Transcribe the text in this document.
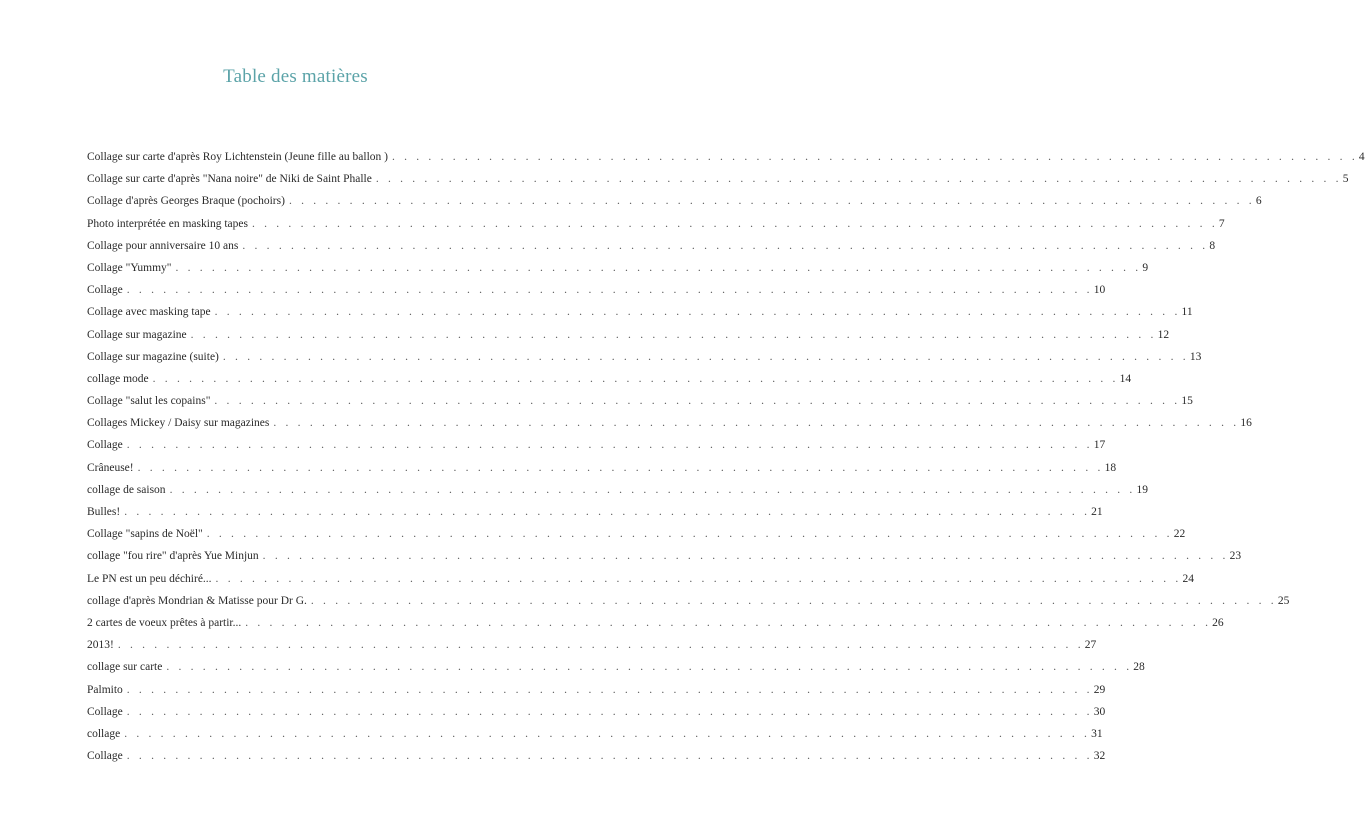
Table des matières
Collage sur carte d'après Roy Lichtenstein (Jeune fille au ballon ) . . . . . . . . . . . . . . . . . . . . . . . . . . . . . . . . . . . . . . . . . . . . . . . . . . . . . . . . . . . . . . . . . . . . . . . . . . . . . . . . 4
Collage sur carte d'après "Nana noire" de Niki de Saint Phalle . . . . . . . . . . . . . . . . . . . . . . . . . . . . . . . . . . . . . . . . . . . . . . . . . . . . . . . . . . . . . . . . . . . . . . . . . . . . . . . . 5
Collage d'après Georges Braque (pochoirs) . . . . . . . . . . . . . . . . . . . . . . . . . . . . . . . . . . . . . . . . . . . . . . . . . . . . . . . . . . . . . . . . . . . . . . . . . . . . . . . . 6
Photo interprétée en masking tapes . . . . . . . . . . . . . . . . . . . . . . . . . . . . . . . . . . . . . . . . . . . . . . . . . . . . . . . . . . . . . . . . . . . . . . . . . . . . . . . . 7
Collage pour anniversaire 10 ans . . . . . . . . . . . . . . . . . . . . . . . . . . . . . . . . . . . . . . . . . . . . . . . . . . . . . . . . . . . . . . . . . . . . . . . . . . . . . . . . 8
Collage "Yummy" . . . . . . . . . . . . . . . . . . . . . . . . . . . . . . . . . . . . . . . . . . . . . . . . . . . . . . . . . . . . . . . . . . . . . . . . . . . . . . . . 9
Collage . . . . . . . . . . . . . . . . . . . . . . . . . . . . . . . . . . . . . . . . . . . . . . . . . . . . . . . . . . . . . . . . . . . . . . . . . . . . . . . . 10
Collage avec masking tape . . . . . . . . . . . . . . . . . . . . . . . . . . . . . . . . . . . . . . . . . . . . . . . . . . . . . . . . . . . . . . . . . . . . . . . . . . . . . . . . 11
Collage sur magazine . . . . . . . . . . . . . . . . . . . . . . . . . . . . . . . . . . . . . . . . . . . . . . . . . . . . . . . . . . . . . . . . . . . . . . . . . . . . . . . . 12
Collage sur magazine (suite) . . . . . . . . . . . . . . . . . . . . . . . . . . . . . . . . . . . . . . . . . . . . . . . . . . . . . . . . . . . . . . . . . . . . . . . . . . . . . . . . 13
collage mode . . . . . . . . . . . . . . . . . . . . . . . . . . . . . . . . . . . . . . . . . . . . . . . . . . . . . . . . . . . . . . . . . . . . . . . . . . . . . . . . 14
Collage "salut les copains" . . . . . . . . . . . . . . . . . . . . . . . . . . . . . . . . . . . . . . . . . . . . . . . . . . . . . . . . . . . . . . . . . . . . . . . . . . . . . . . . 15
Collages Mickey / Daisy sur magazines . . . . . . . . . . . . . . . . . . . . . . . . . . . . . . . . . . . . . . . . . . . . . . . . . . . . . . . . . . . . . . . . . . . . . . . . . . . . . . . . 16
Collage . . . . . . . . . . . . . . . . . . . . . . . . . . . . . . . . . . . . . . . . . . . . . . . . . . . . . . . . . . . . . . . . . . . . . . . . . . . . . . . . 17
Crâneuse! . . . . . . . . . . . . . . . . . . . . . . . . . . . . . . . . . . . . . . . . . . . . . . . . . . . . . . . . . . . . . . . . . . . . . . . . . . . . . . . . 18
collage de saison . . . . . . . . . . . . . . . . . . . . . . . . . . . . . . . . . . . . . . . . . . . . . . . . . . . . . . . . . . . . . . . . . . . . . . . . . . . . . . . . 19
Bulles! . . . . . . . . . . . . . . . . . . . . . . . . . . . . . . . . . . . . . . . . . . . . . . . . . . . . . . . . . . . . . . . . . . . . . . . . . . . . . . . . 21
Collage "sapins de Noël" . . . . . . . . . . . . . . . . . . . . . . . . . . . . . . . . . . . . . . . . . . . . . . . . . . . . . . . . . . . . . . . . . . . . . . . . . . . . . . . . 22
collage "fou rire" d'après Yue Minjun . . . . . . . . . . . . . . . . . . . . . . . . . . . . . . . . . . . . . . . . . . . . . . . . . . . . . . . . . . . . . . . . . . . . . . . . . . . . . . . . 23
Le PN est un peu déchiré... . . . . . . . . . . . . . . . . . . . . . . . . . . . . . . . . . . . . . . . . . . . . . . . . . . . . . . . . . . . . . . . . . . . . . . . . . . . . . . . . 24
collage d'après Mondrian & Matisse pour Dr G. . . . . . . . . . . . . . . . . . . . . . . . . . . . . . . . . . . . . . . . . . . . . . . . . . . . . . . . . . . . . . . . . . . . . . . . . . . . . . . . . 25
2 cartes de voeux prêtes à partir... . . . . . . . . . . . . . . . . . . . . . . . . . . . . . . . . . . . . . . . . . . . . . . . . . . . . . . . . . . . . . . . . . . . . . . . . . . . . . . . . 26
2013! . . . . . . . . . . . . . . . . . . . . . . . . . . . . . . . . . . . . . . . . . . . . . . . . . . . . . . . . . . . . . . . . . . . . . . . . . . . . . . . . 27
collage sur carte . . . . . . . . . . . . . . . . . . . . . . . . . . . . . . . . . . . . . . . . . . . . . . . . . . . . . . . . . . . . . . . . . . . . . . . . . . . . . . . . 28
Palmito . . . . . . . . . . . . . . . . . . . . . . . . . . . . . . . . . . . . . . . . . . . . . . . . . . . . . . . . . . . . . . . . . . . . . . . . . . . . . . . . 29
Collage . . . . . . . . . . . . . . . . . . . . . . . . . . . . . . . . . . . . . . . . . . . . . . . . . . . . . . . . . . . . . . . . . . . . . . . . . . . . . . . . 30
collage . . . . . . . . . . . . . . . . . . . . . . . . . . . . . . . . . . . . . . . . . . . . . . . . . . . . . . . . . . . . . . . . . . . . . . . . . . . . . . . . 31
Collage . . . . . . . . . . . . . . . . . . . . . . . . . . . . . . . . . . . . . . . . . . . . . . . . . . . . . . . . . . . . . . . . . . . . . . . . . . . . . . . . 32
